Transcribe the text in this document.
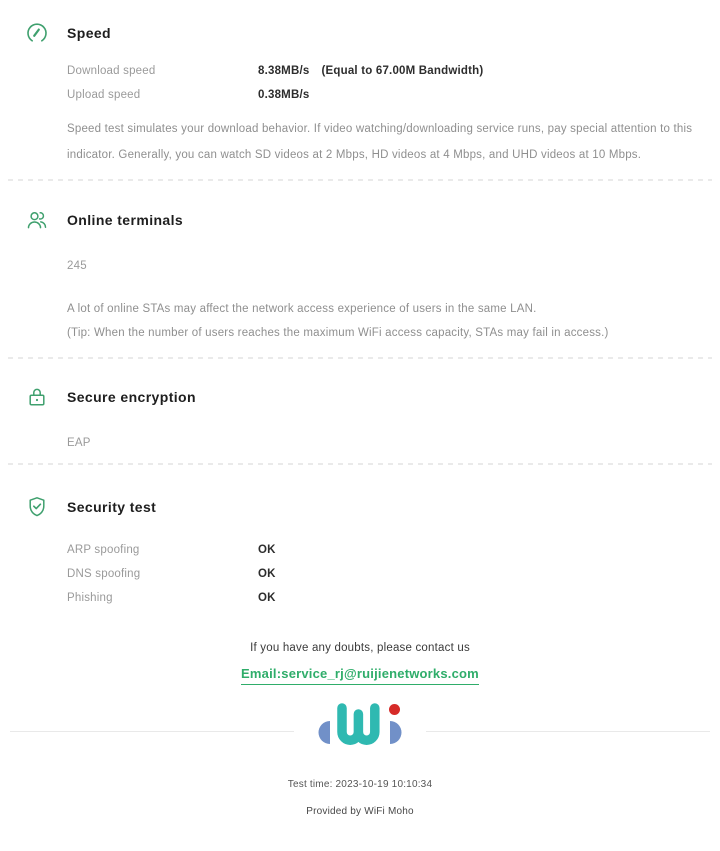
Speed
Download speed	8.38MB/s (Equal to 67.00M Bandwidth)
Upload speed	0.38MB/s

Speed test simulates your download behavior. If video watching/downloading service runs, pay special attention to this indicator. Generally, you can watch SD videos at 2 Mbps, HD videos at 4 Mbps, and UHD videos at 10 Mbps.

Online terminals
245

A lot of online STAs may affect the network access experience of users in the same LAN.

(Tip: When the number of users reaches the maximum WiFi access capacity, STAs may fail in access.)

Secure encryption
EAP
Security test
ARP spoofing	OK
DNS spoofing	OK
Phishing	OK

If you have any doubts, please contact us

Email:service_rj@ruijienetworks.com

Test time: 2023-10-19 10:10:34

Provided by WiFi Moho
